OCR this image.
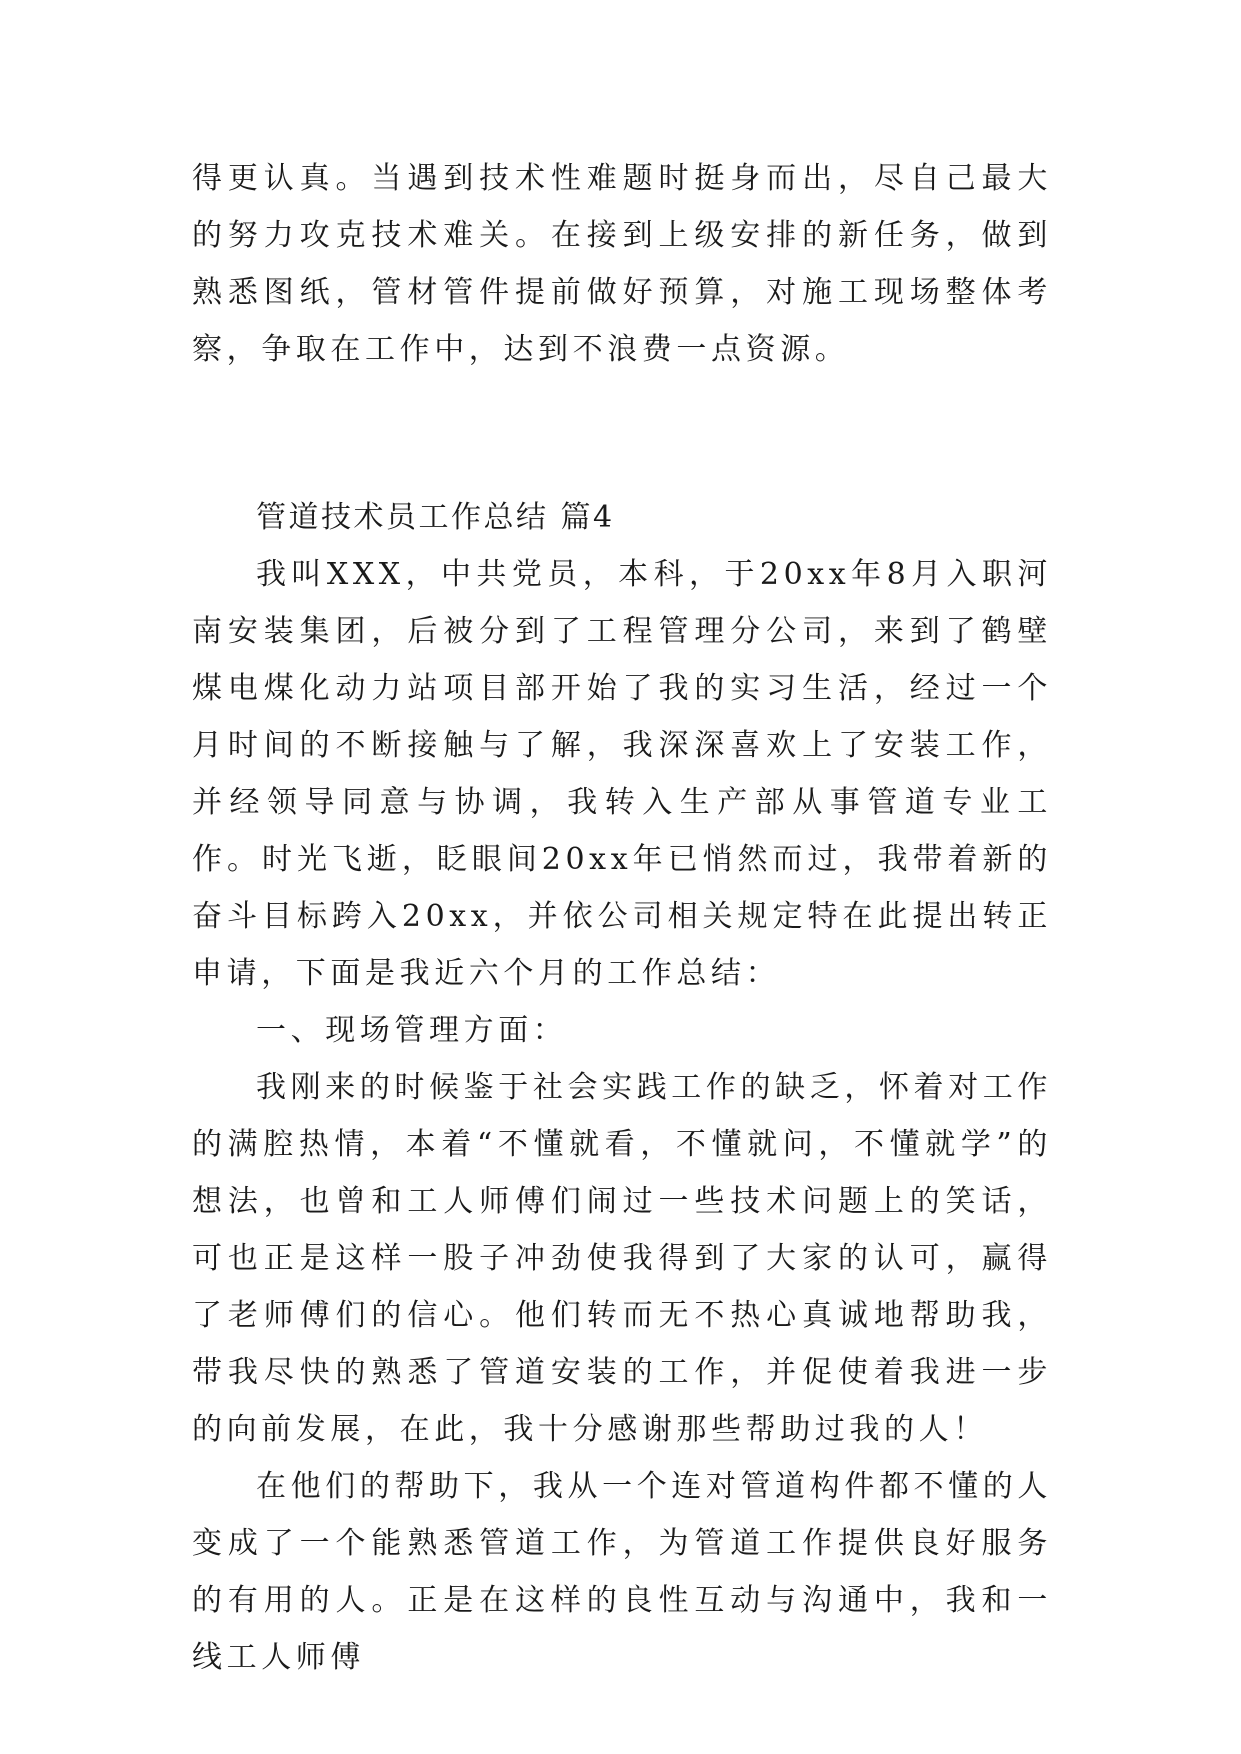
得更认真。当遇到技术性难题时挺身而出，尽自己最大的努力攻克技术难关。在接到上级安排的新任务，做到熟悉图纸，管材管件提前做好预算，对施工现场整体考察，争取在工作中，达到不浪费一点资源。

管道技术员工作总结 篇4

我叫XXX，中共党员，本科，于20xx年8月入职河南安装集团，后被分到了工程管理分公司，来到了鹤壁煤电煤化动力站项目部开始了我的实习生活，经过一个月时间的不断接触与了解，我深深喜欢上了安装工作，并经领导同意与协调，我转入生产部从事管道专业工作。时光飞逝，眨眼间20xx年已悄然而过，我带着新的奋斗目标跨入20xx，并依公司相关规定特在此提出转正申请，下面是我近六个月的工作总结：

一、现场管理方面：

我刚来的时候鉴于社会实践工作的缺乏，怀着对工作的满腔热情，本着“不懂就看，不懂就问，不懂就学”的想法，也曾和工人师傅们闹过一些技术问题上的笑话，可也正是这样一股子冲劲使我得到了大家的认可，赢得了老师傅们的信心。他们转而无不热心真诚地帮助我，带我尽快的熟悉了管道安装的工作，并促使着我进一步的向前发展，在此，我十分感谢那些帮助过我的人！

在他们的帮助下，我从一个连对管道构件都不懂的人变成了一个能熟悉管道工作，为管道工作提供良好服务的有用的人。正是在这样的良性互动与沟通中，我和一线工人师傅
